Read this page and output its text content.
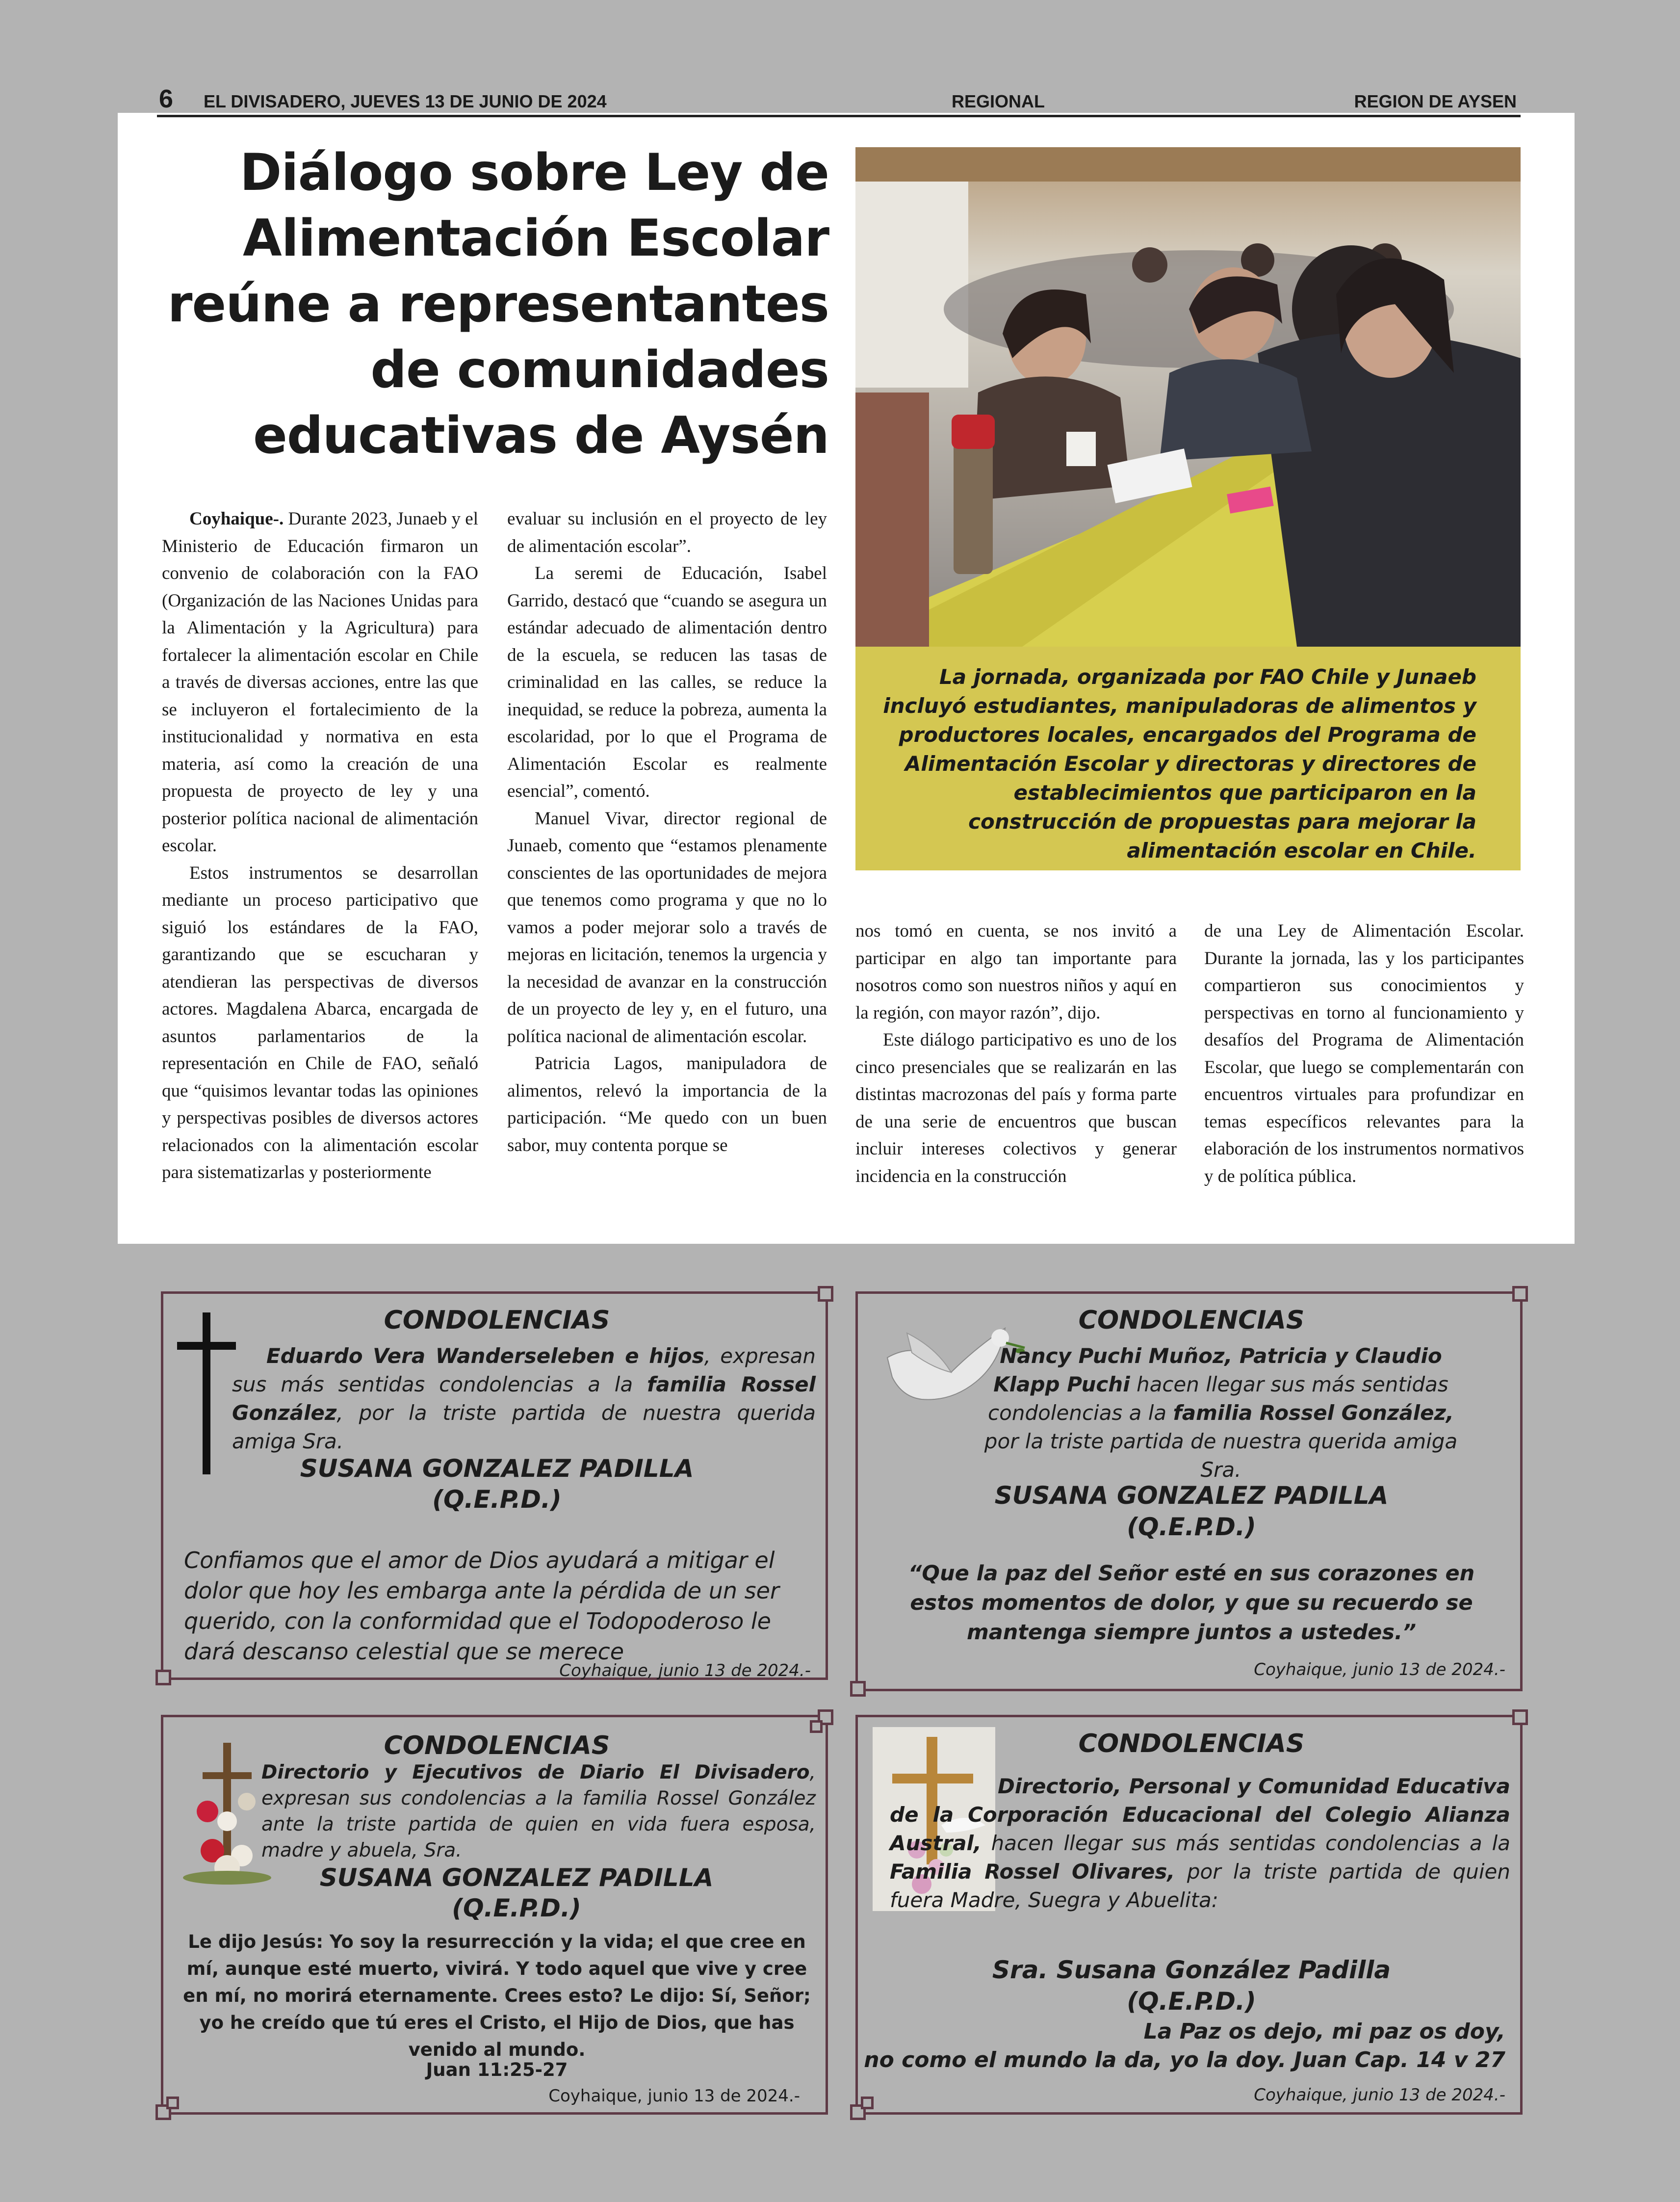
6 EL DIVISADERO, JUEVES 13 DE JUNIO DE 2024	REGIONAL	REGION DE AYSEN
Diálogo sobre Ley de
Alimentación Escolar
reúne a representantes
de comunidades
educativas de Aysén
La jornada, organizada por FAO Chile y Junaeb incluyó estudiantes, manipuladoras de alimentos y productores locales, encargados del Programa de Alimentación Escolar y directoras y directores de establecimientos que participaron en la construcción de propuestas para mejorar la alimentación escolar en Chile.

Coyhaique-. Durante 2023, Junaeb y el Ministerio de Educación firmaron un convenio de colaboración con la FAO (Organización de las Naciones Unidas para la Alimentación y la Agricultura) para fortalecer la alimentación escolar en Chile a través de diversas acciones, entre las que se incluyeron el fortalecimiento de la institucionalidad y normativa en esta materia, así como la creación de una propuesta de proyecto de ley y una posterior política nacional de alimentación escolar.

Estos instrumentos se desarrollan mediante un proceso participativo que siguió los estándares de la FAO, garantizando que se escucharan y atendieran las perspectivas de diversos actores. Magdalena Abarca, encargada de asuntos parlamentarios de la representación en Chile de FAO, señaló que “quisimos levantar todas las opiniones y perspectivas posibles de diversos actores relacionados con la alimentación escolar para sistematizarlas y posteriormente

evaluar su inclusión en el proyecto de ley de alimentación escolar”.

La seremi de Educación, Isabel Garrido, destacó que “cuando se asegura un estándar adecuado de alimentación dentro de la escuela, se reducen las tasas de criminalidad en las calles, se reduce la inequidad, se reduce la pobreza, aumenta la escolaridad, por lo que el Programa de Alimentación Escolar es realmente esencial”, comentó.

Manuel Vivar, director regional de Junaeb, comento que “estamos plenamente conscientes de las oportunidades de mejora que tenemos como programa y que no lo vamos a poder mejorar solo a través de mejoras en licitación, tenemos la urgencia y la necesidad de avanzar en la construcción de un proyecto de ley y, en el futuro, una política nacional de alimentación escolar.

Patricia Lagos, manipuladora de alimentos, relevó la importancia de la participación. “Me quedo con un buen sabor, muy contenta porque se

nos tomó en cuenta, se nos invitó a participar en algo tan importante para nosotros como son nuestros niños y aquí en la región, con mayor razón”, dijo.

Este diálogo participativo es uno de los cinco presenciales que se realizarán en las distintas macrozonas del país y forma parte de una serie de encuentros que buscan incluir intereses colectivos y generar incidencia en la construcción

de una Ley de Alimentación Escolar. Durante la jornada, las y los participantes compartieron sus conocimientos y perspectivas en torno al funcionamiento y desafíos del Programa de Alimentación Escolar, que luego se complementarán con encuentros virtuales para profundizar en temas específicos relevantes para la elaboración de los instrumentos normativos y de política pública.

CONDOLENCIAS
Eduardo Vera Wanderseleben e hijos, expresan sus más sentidas condolencias a la familia Rossel González, por la triste partida de nuestra querida amiga Sra.
SUSANA GONZALEZ PADILLA
(Q.E.P.D.)
Confiamos que el amor de Dios ayudará a mitigar el dolor que hoy les embarga ante la pérdida de un ser querido, con la conformidad que el Todopoderoso le dará descanso celestial que se merece
Coyhaique, junio 13 de 2024.-
CONDOLENCIAS
Nancy Puchi Muñoz, Patricia y Claudio Klapp Puchi hacen llegar sus más sentidas condolencias a la familia Rossel González, por la triste partida de nuestra querida amiga Sra.
SUSANA GONZALEZ PADILLA
(Q.E.P.D.)
“Que la paz del Señor esté en sus corazones en estos momentos de dolor, y que su recuerdo se mantenga siempre juntos a ustedes.”
Coyhaique, junio 13 de 2024.-
CONDOLENCIAS
Directorio y Ejecutivos de Diario El Divisadero, expresan sus condolencias a la familia Rossel González ante la triste partida de quien en vida fuera esposa, madre y abuela, Sra.
SUSANA GONZALEZ PADILLA
(Q.E.P.D.)
Le dijo Jesús: Yo soy la resurrección y la vida; el que cree en mí, aunque esté muerto, vivirá. Y todo aquel que vive y cree en mí, no morirá eternamente. Crees esto? Le dijo: Sí, Señor; yo he creído que tú eres el Cristo, el Hijo de Dios, que has venido al mundo.
Juan 11:25-27
Coyhaique, junio 13 de 2024.-
CONDOLENCIAS
Directorio, Personal y Comunidad Educativa de la Corporación Educacional del Colegio Alianza Austral, hacen llegar sus más sentidas condolencias a la Familia Rossel Olivares, por la triste partida de quien fuera Madre, Suegra y Abuelita:
Sra. Susana González Padilla
(Q.E.P.D.)
La Paz os dejo, mi paz os doy,
no como el mundo la da, yo la doy. Juan Cap. 14 v 27
Coyhaique, junio 13 de 2024.-
